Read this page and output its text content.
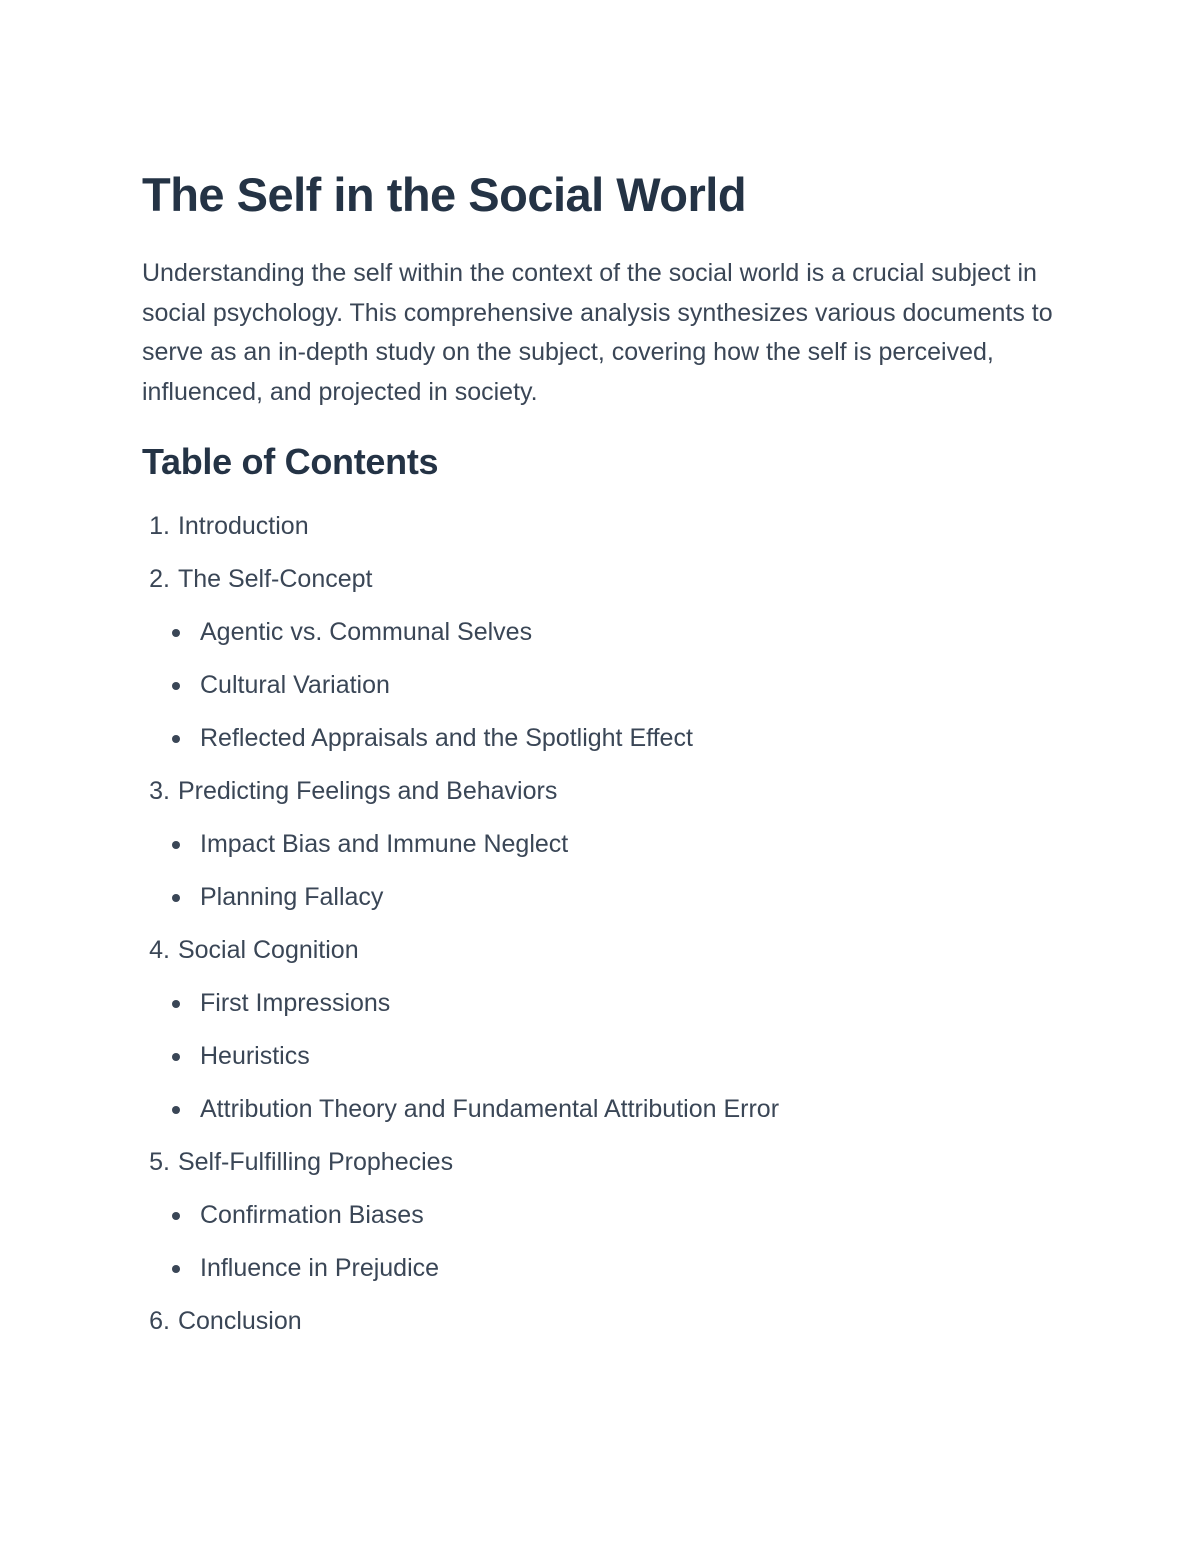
The Self in the Social World

Understanding the self within the context of the social world is a crucial subject in social psychology. This comprehensive analysis synthesizes various documents to serve as an in-depth study on the subject, covering how the self is perceived, influenced, and projected in society.

Table of Contents
1. Introduction
2. The Self-Concept
Agentic vs. Communal Selves
Cultural Variation
Reflected Appraisals and the Spotlight Effect
3. Predicting Feelings and Behaviors
Impact Bias and Immune Neglect
Planning Fallacy
4. Social Cognition
First Impressions
Heuristics
Attribution Theory and Fundamental Attribution Error
5. Self-Fulfilling Prophecies
Confirmation Biases
Influence in Prejudice
6. Conclusion
